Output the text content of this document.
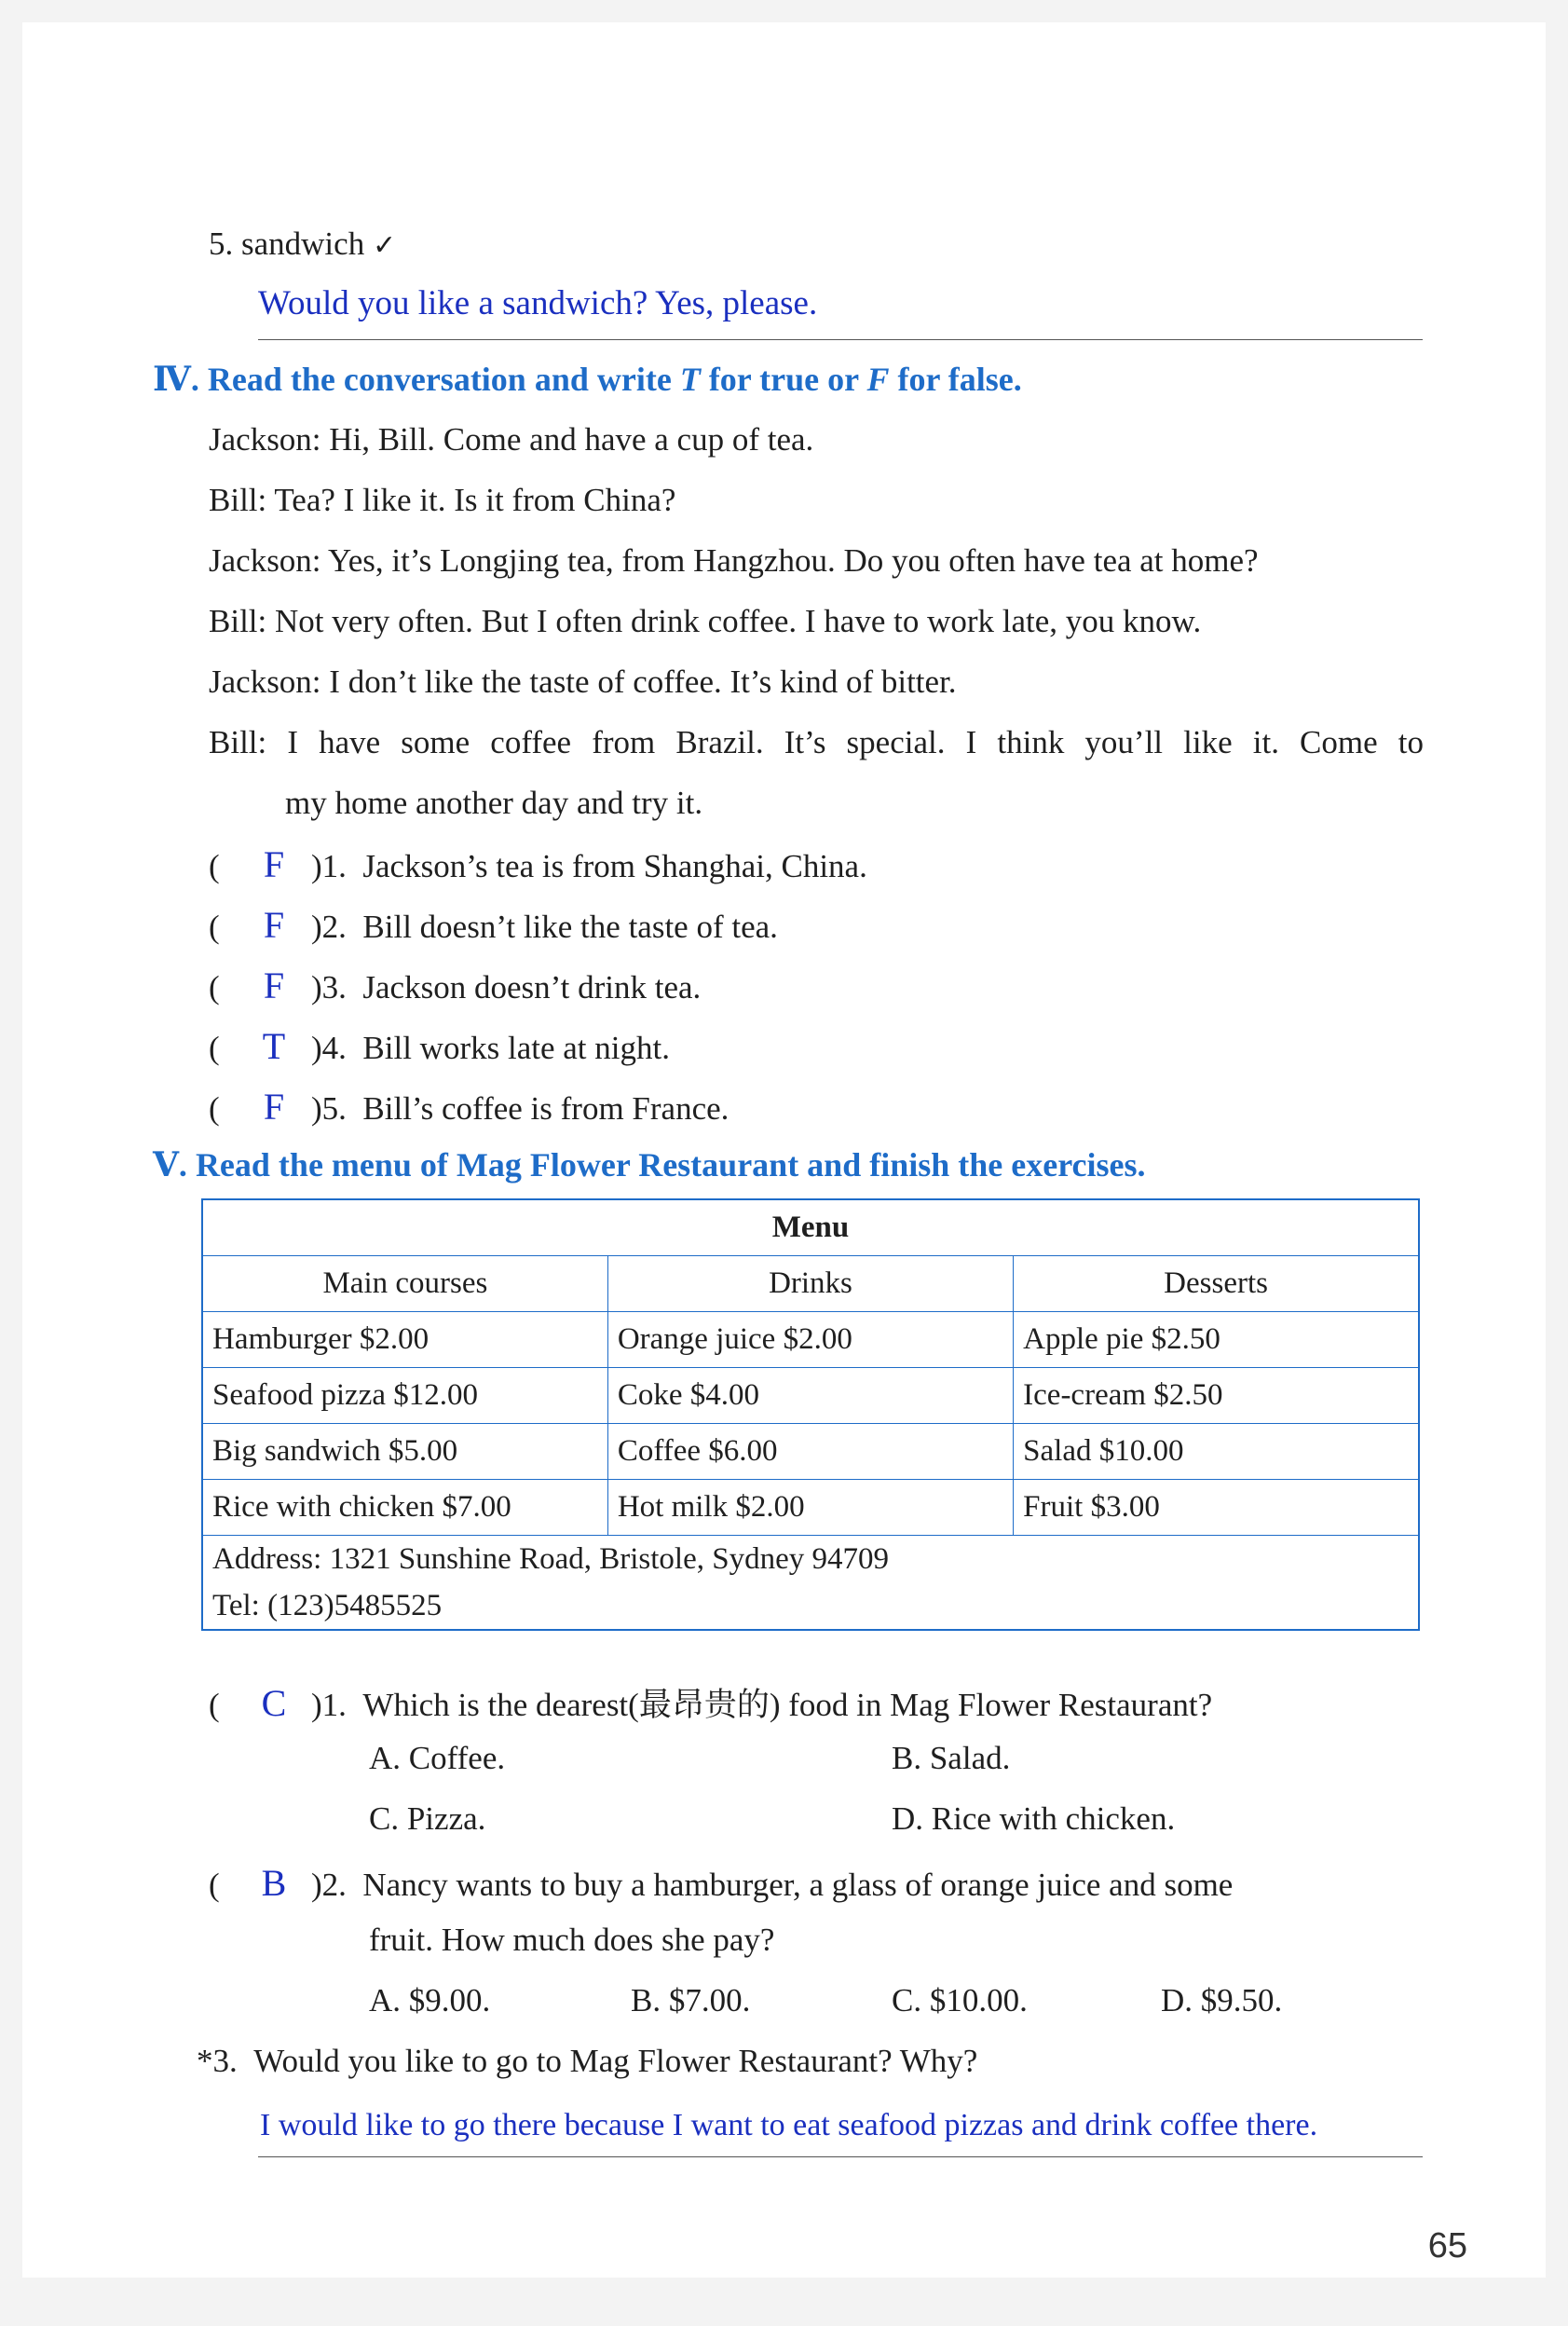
5. sandwich ✓
Would you like a sandwich? Yes, please.
Ⅳ. Read the conversation and write T for true or F for false.
Jackson: Hi, Bill. Come and have a cup of tea.
Bill: Tea? I like it. Is it from China?
Jackson: Yes, it’s Longjing tea, from Hangzhou. Do you often have tea at home?
Bill: Not very often. But I often drink coffee. I have to work late, you know.
Jackson: I don’t like the taste of coffee. It’s kind of bitter.
Bill: I have some coffee from Brazil. It’s special. I think you’ll like it. Come to
my home another day and try it.
( F )1. Jackson’s tea is from Shanghai, China.
( F )2. Bill doesn’t like the taste of tea.
( F )3. Jackson doesn’t drink tea.
( T )4. Bill works late at night.
( F )5. Bill’s coffee is from France.
Ⅴ. Read the menu of Mag Flower Restaurant and finish the exercises.
Menu		
Main courses	Drinks	Desserts
Hamburger $2.00	Orange juice $2.00	Apple pie $2.50
Seafood pizza $12.00	Coke $4.00	Ice-cream $2.50
Big sandwich $5.00	Coffee $6.00	Salad $10.00
Rice with chicken $7.00	Hot milk $2.00	Fruit $3.00

Address: 1321 Sunshine Road, Bristole, Sydney 94709
Tel: (123)5485525		
( C )1. Which is the dearest(最昂贵的) food in Mag Flower Restaurant?
A. Coffee.	B. Salad.
C. Pizza.	D. Rice with chicken.
( B )2. Nancy wants to buy a hamburger, a glass of orange juice and some
fruit. How much does she pay?
A. $9.00.	B. $7.00.	C. $10.00.	D. $9.50.
*3. Would you like to go to Mag Flower Restaurant? Why?
I would like to go there because I want to eat seafood pizzas and drink coffee there.
65
